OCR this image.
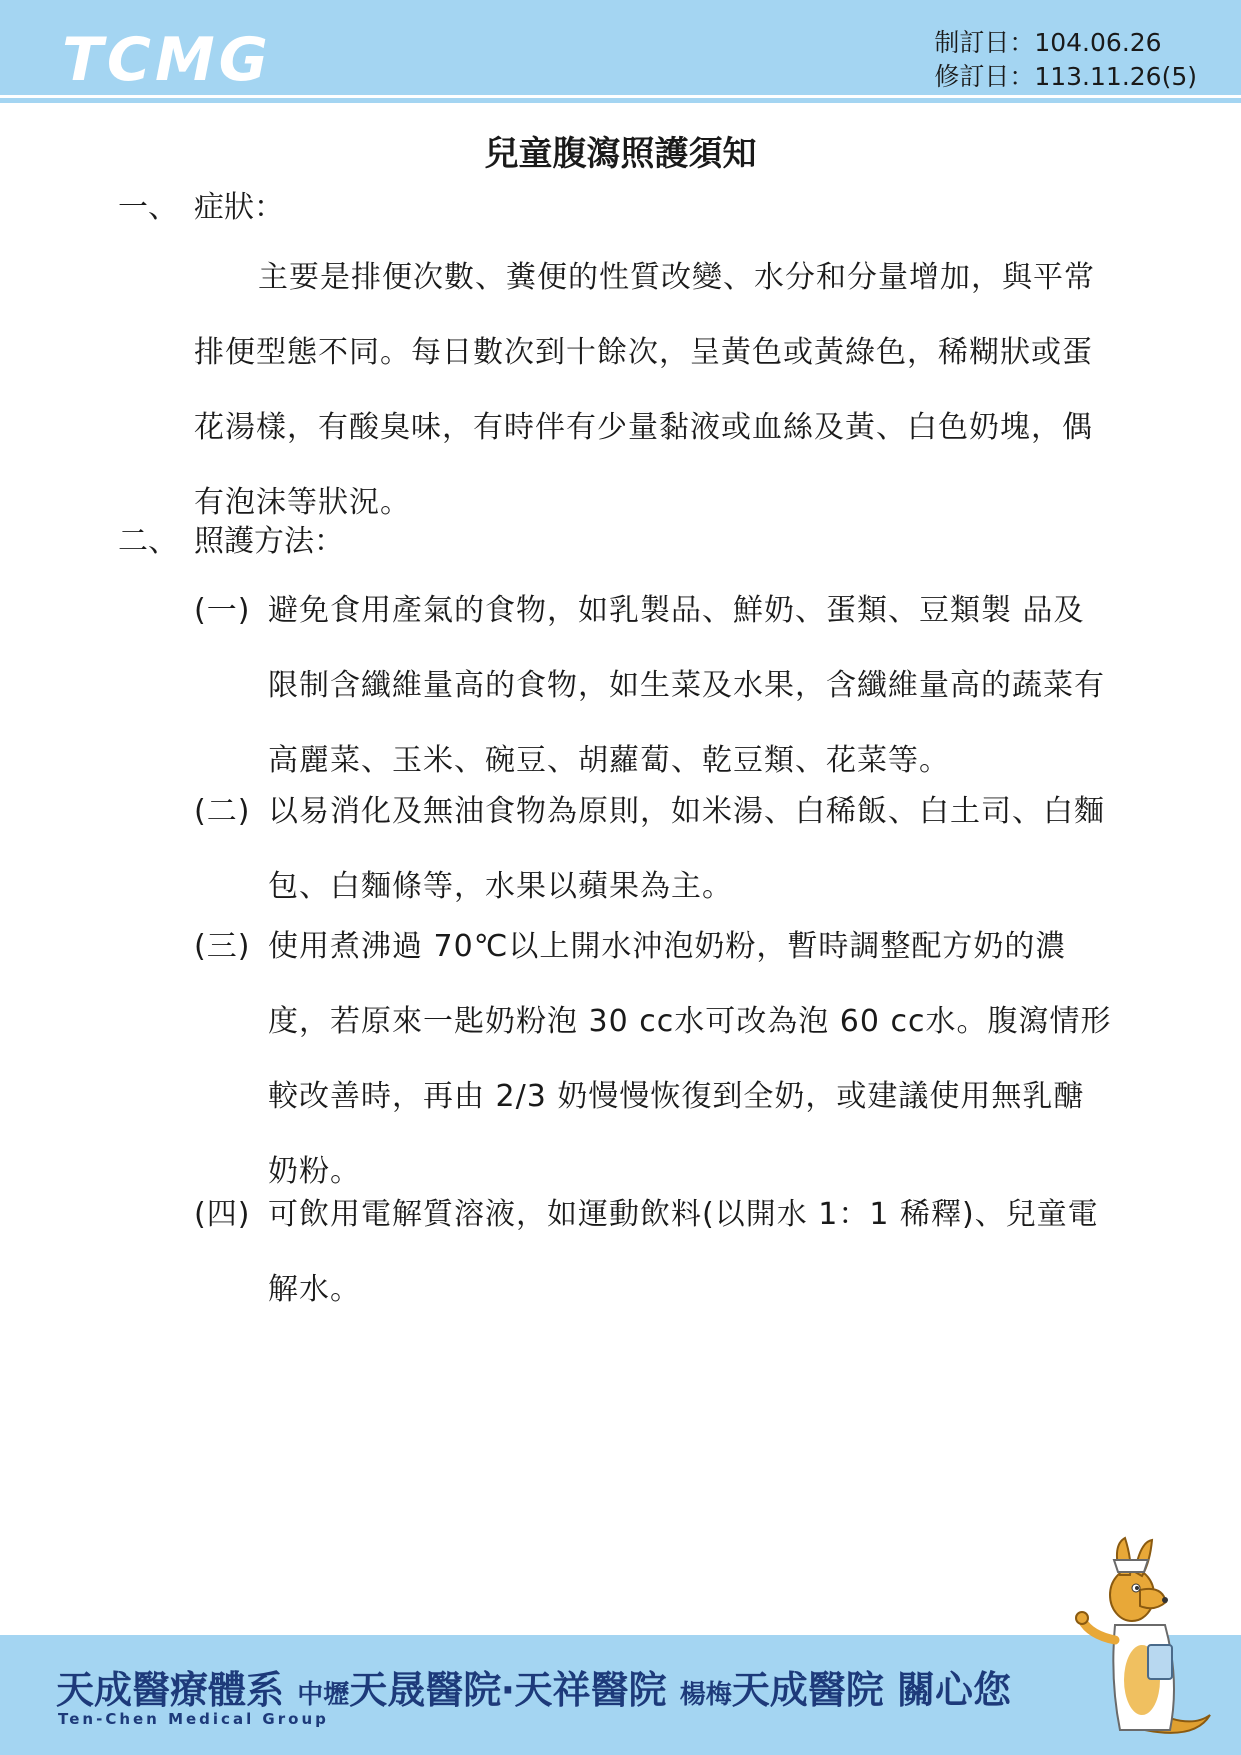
TCMG	制訂日：104.06.26
修訂日：113.11.26(5)
兒童腹瀉照護須知
一、 症狀：

主要是排便次數、糞便的性質改變、水分和分量增加，與平常排便型態不同。每日數次到十餘次，呈黃色或黃綠色，稀糊狀或蛋花湯樣，有酸臭味，有時伴有少量黏液或血絲及黃、白色奶塊，偶有泡沫等狀況。

二、 照護方法：
(一) 避免食用產氣的食物，如乳製品、鮮奶、蛋類、豆類製 品及限制含纖維量高的食物，如生菜及水果，含纖維量高的蔬菜有高麗菜、玉米、碗豆、胡蘿蔔、乾豆類、花菜等。
(二) 以易消化及無油食物為原則，如米湯、白稀飯、白土司、白麵包、白麵條等，水果以蘋果為主。
(三) 使用煮沸過 70℃以上開水沖泡奶粉，暫時調整配方奶的濃度，若原來一匙奶粉泡 30 cc水可改為泡 60 cc水。腹瀉情形較改善時，再由 2/3 奶慢慢恢復到全奶，或建議使用無乳醣奶粉。
(四) 可飲用電解質溶液，如運動飲料(以開水 1：1 稀釋)、兒童電解水。
天成醫療體系 中壢天晟醫院‧天祥醫院 楊梅天成醫院 關心您
Ten-Chen Medical Group
